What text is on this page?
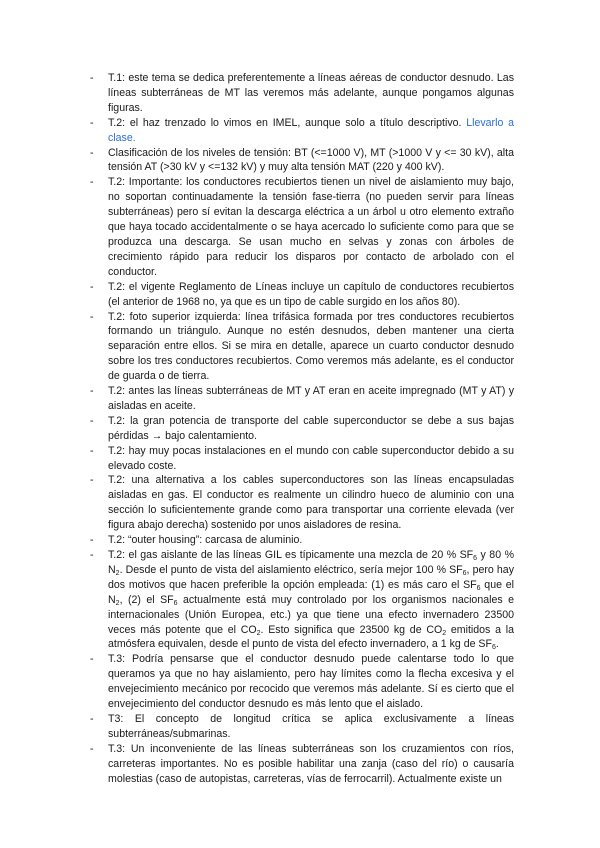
- T.1: este tema se dedica preferentemente a líneas aéreas de conductor desnudo. Las líneas subterráneas de MT las veremos más adelante, aunque pongamos algunas figuras.
- T.2: el haz trenzado lo vimos en IMEL, aunque solo a título descriptivo. Llevarlo a clase.
- Clasificación de los niveles de tensión: BT (<=1000 V), MT (>1000 V y <= 30 kV), alta tensión AT (>30 kV y <=132 kV) y muy alta tensión MAT (220 y 400 kV).
- T.2: Importante: los conductores recubiertos tienen un nivel de aislamiento muy bajo, no soportan continuadamente la tensión fase-tierra (no pueden servir para líneas subterráneas) pero sí evitan la descarga eléctrica a un árbol u otro elemento extraño que haya tocado accidentalmente o se haya acercado lo suficiente como para que se produzca una descarga. Se usan mucho en selvas y zonas con árboles de crecimiento rápido para reducir los disparos por contacto de arbolado con el conductor.
- T.2: el vigente Reglamento de Líneas incluye un capítulo de conductores recubiertos (el anterior de 1968 no, ya que es un tipo de cable surgido en los años 80).
- T.2: foto superior izquierda: línea trifásica formada por tres conductores recubiertos formando un triángulo. Aunque no estén desnudos, deben mantener una cierta separación entre ellos. Si se mira en detalle, aparece un cuarto conductor desnudo sobre los tres conductores recubiertos. Como veremos más adelante, es el conductor de guarda o de tierra.
- T.2: antes las líneas subterráneas de MT y AT eran en aceite impregnado (MT y AT) y aisladas en aceite.
- T.2: la gran potencia de transporte del cable superconductor se debe a sus bajas pérdidas → bajo calentamiento.
- T.2: hay muy pocas instalaciones en el mundo con cable superconductor debido a su elevado coste.
- T.2: una alternativa a los cables superconductores son las líneas encapsuladas aisladas en gas. El conductor es realmente un cilindro hueco de aluminio con una sección lo suficientemente grande como para transportar una corriente elevada (ver figura abajo derecha) sostenido por unos aisladores de resina.
- T.2: “outer housing”: carcasa de aluminio.
- T.2: el gas aislante de las líneas GIL es típicamente una mezcla de 20 % $SF_6$ y 80 % $N_2$. Desde el punto de vista del aislamiento eléctrico, sería mejor 100 % $SF_6$, pero hay dos motivos que hacen preferible la opción empleada: (1) es más caro el $SF_6$ que el $N_2$, (2) el $SF_6$ actualmente está muy controlado por los organismos nacionales e internacionales (Unión Europea, etc.) ya que tiene una efecto invernadero 23500 veces más potente que el $CO_2$. Esto significa que 23500 kg de $CO_2$ emitidos a la atmósfera equivalen, desde el punto de vista del efecto invernadero, a 1 kg de $SF_6$.
- T.3: Podría pensarse que el conductor desnudo puede calentarse todo lo que queramos ya que no hay aislamiento, pero hay límites como la flecha excesiva y el envejecimiento mecánico por recocido que veremos más adelante. Sí es cierto que el envejecimiento del conductor desnudo es más lento que el aislado.
- T3: El concepto de longitud crítica se aplica exclusivamente a líneas subterráneas/submarinas.
- T.3: Un inconveniente de las líneas subterráneas son los cruzamientos con ríos, carreteras importantes. No es posible habilitar una zanja (caso del río) o causaría molestias (caso de autopistas, carreteras, vías de ferrocarril). Actualmente existe un
